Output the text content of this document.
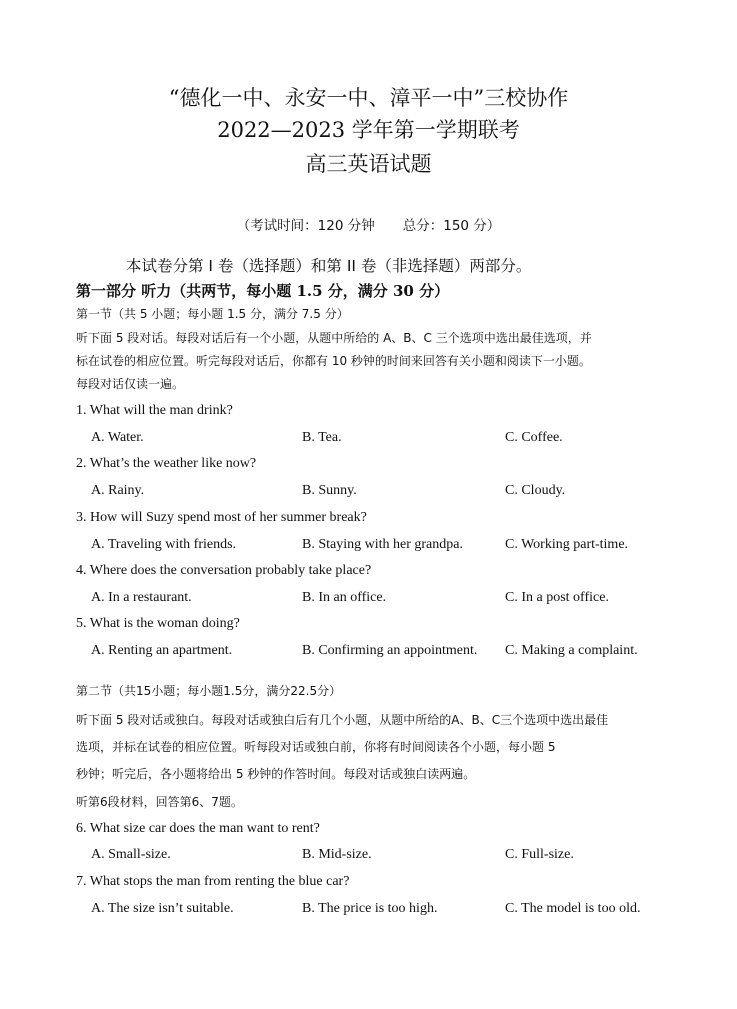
“德化一中、永安一中、漳平一中”三校协作
2022—2023 学年第一学期联考
高三英语试题
（考试时间：120 分钟 总分：150 分）
本试卷分第 I 卷（选择题）和第 II 卷（非选择题）两部分。
第一部分 听力（共两节，每小题 1.5 分，满分 30 分）
第一节（共 5 小题；每小题 1.5 分，满分 7.5 分）
听下面 5 段对话。每段对话后有一个小题，从题中所给的 A、B、C 三个选项中选出最佳选项，并
标在试卷的相应位置。听完每段对话后，你都有 10 秒钟的时间来回答有关小题和阅读下一小题。
每段对话仅读一遍。
1. What will the man drink?
A. Water.	B. Tea.	C. Coffee.
2. What’s the weather like now?
A. Rainy.	B. Sunny.	C. Cloudy.
3. How will Suzy spend most of her summer break?
A. Traveling with friends.	B. Staying with her grandpa.	C. Working part-time.
4. Where does the conversation probably take place?
A. In a restaurant.	B. In an office.	C. In a post office.
5. What is the woman doing?
A. Renting an apartment.	B. Confirming an appointment. C. Making a complaint.
第二节（共15小题；每小题1.5分，满分22.5分）
听下面 5 段对话或独白。每段对话或独白后有几个小题，从题中所给的A、B、C三个选项中选出最佳
选项，并标在试卷的相应位置。听每段对话或独白前，你将有时间阅读各个小题，每小题 5
秒钟；听完后，各小题将给出 5 秒钟的作答时间。每段对话或独白读两遍。
听第6段材料，回答第6、7题。
6. What size car does the man want to rent?
A. Small-size.	B. Mid-size.	C. Full-size.
7. What stops the man from renting the blue car?
A. The size isn’t suitable.	B. The price is too high.	C. The model is too old.
